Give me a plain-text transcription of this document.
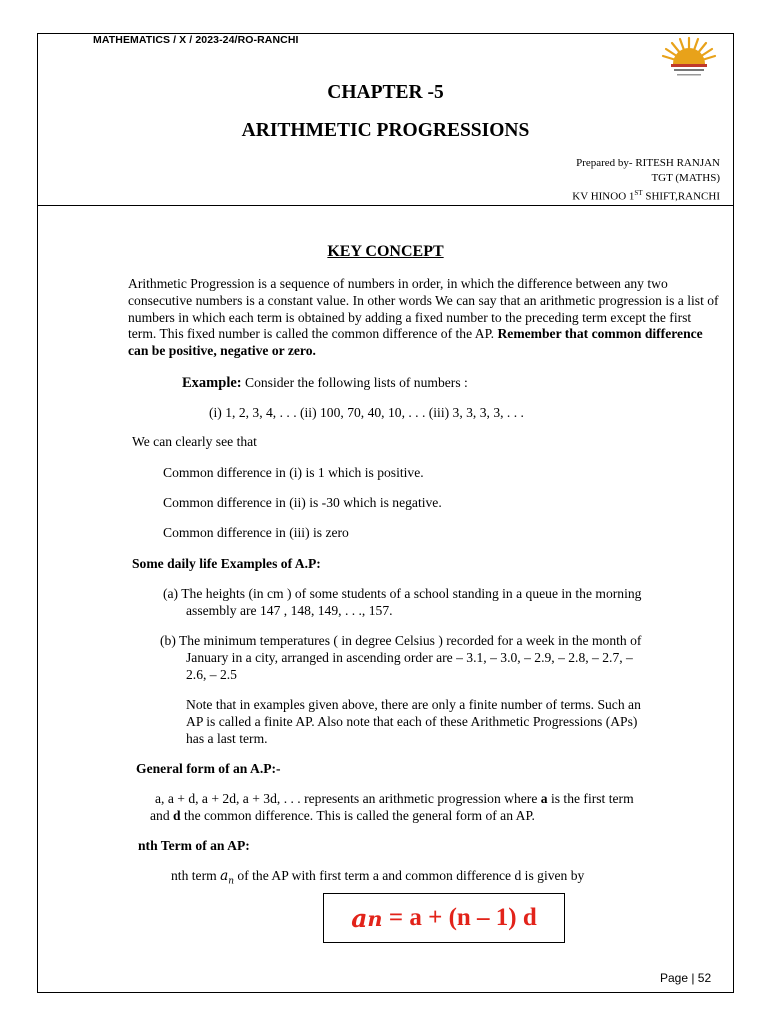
MATHEMATICS / X / 2023-24/RO-RANCHI
CHAPTER -5
ARITHMETIC PROGRESSIONS
Prepared by- RITESH RANJAN
TGT (MATHS)
KV HINOO 1ST SHIFT,RANCHI
KEY CONCEPT
Arithmetic Progression is a sequence of numbers in order, in which the difference between any two consecutive numbers is a constant value. In other words We can say that an arithmetic progression is a list of numbers in which each term is obtained by adding a fixed number to the preceding term except the first term. This fixed number is called the common difference of the AP. Remember that common difference can be positive, negative or zero.
Example: Consider the following lists of numbers :
(i) 1, 2, 3, 4, . . . (ii) 100, 70, 40, 10, . . . (iii) 3, 3, 3, 3, . . .
We can clearly see that
Common difference in (i) is 1 which is positive.
Common difference in (ii) is -30 which is negative.
Common difference in (iii) is zero
Some daily life Examples of A.P:
(a) The heights (in cm ) of some students of a school standing in a queue in the morning
assembly are 147 , 148, 149, . . ., 157.
(b) The minimum temperatures ( in degree Celsius ) recorded for a week in the month of
January in a city, arranged in ascending order are – 3.1, – 3.0, – 2.9, – 2.8, – 2.7, –
2.6, – 2.5
Note that in examples given above, there are only a finite number of terms. Such an
AP is called a finite AP. Also note that each of these Arithmetic Progressions (APs)
has a last term.
General form of an A.P:-
a, a + d, a + 2d, a + 3d, . . . represents an arithmetic progression where a is the first term
and d the common difference. This is called the general form of an AP.
nth Term of an AP:
nth term $a_n$ of the AP with first term a and common difference d is given by
a n = a + (n – 1) d
Page | 52
